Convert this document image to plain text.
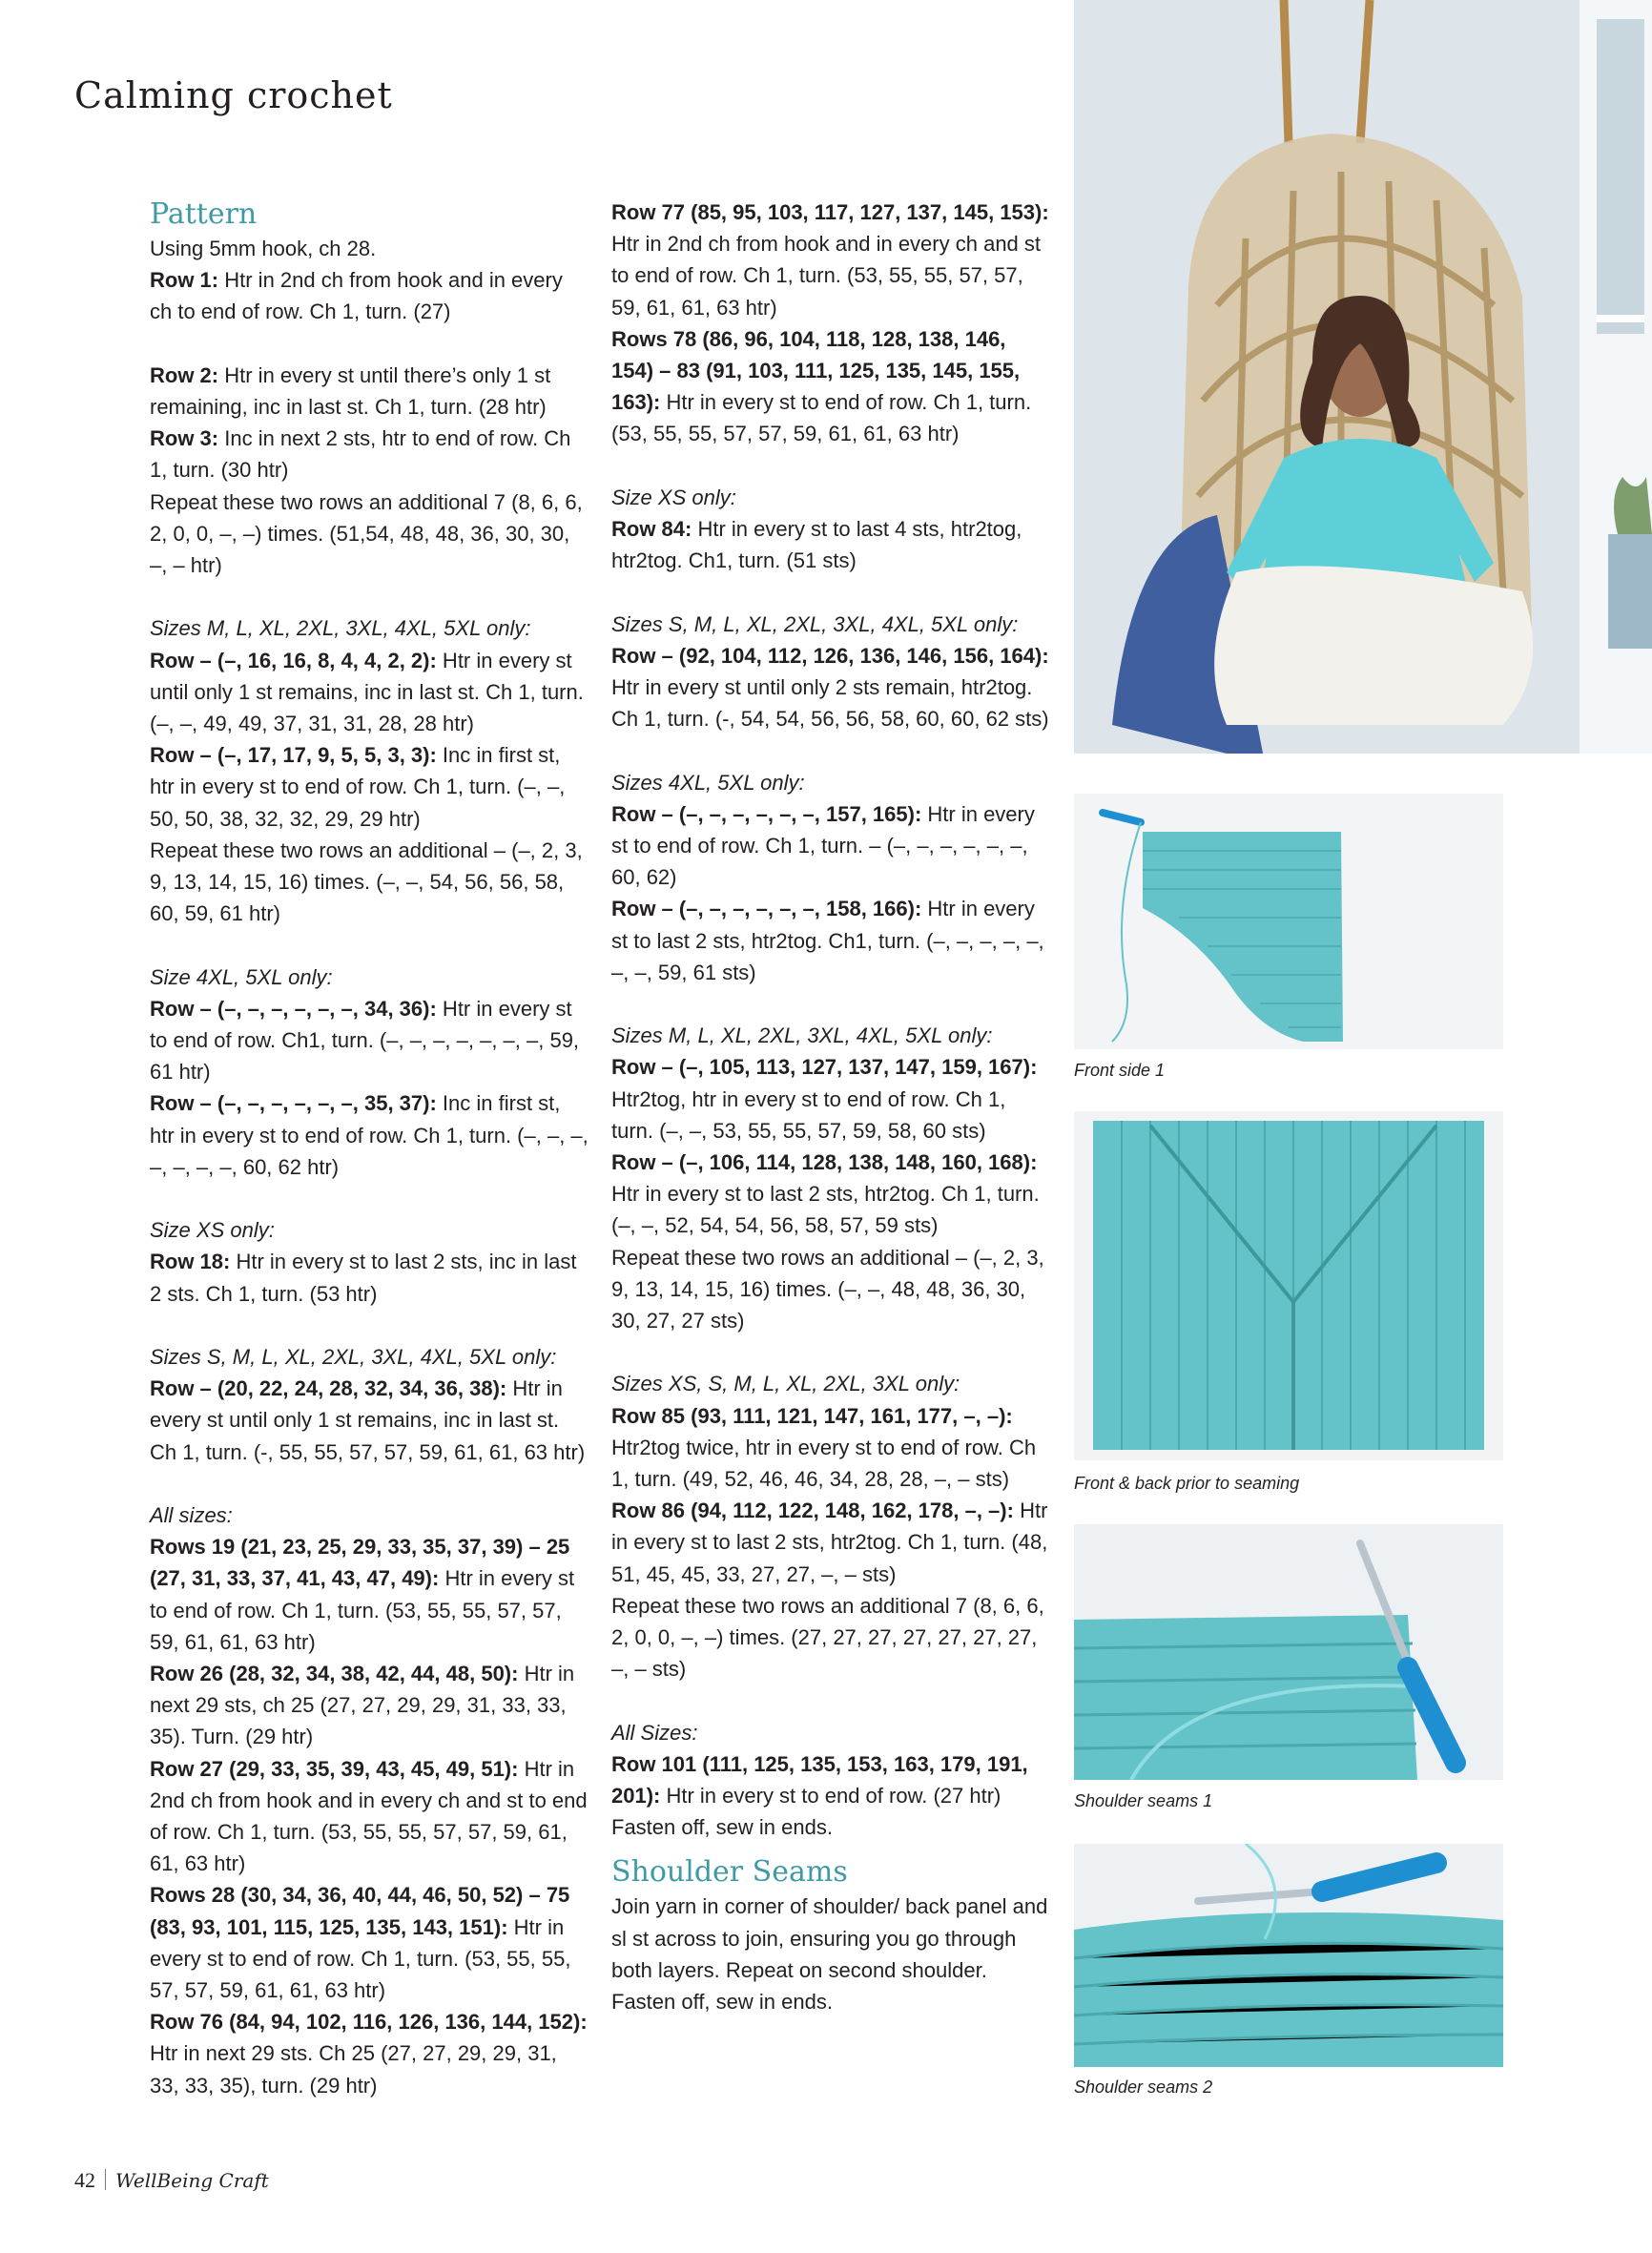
Calming crochet
Pattern

Using 5mm hook, ch 28.

Row 1: Htr in 2nd ch from hook and in every ch to end of row. Ch 1, turn. (27)

Row 2: Htr in every st until there’s only 1 st remaining, inc in last st. Ch 1, turn. (28 htr)

Row 3: Inc in next 2 sts, htr to end of row. Ch 1, turn. (30 htr)

Repeat these two rows an additional 7 (8, 6, 6, 2, 0, 0, –, –) times. (51,54, 48, 48, 36, 30, 30, –, – htr)

Sizes M, L, XL, 2XL, 3XL, 4XL, 5XL only:

Row – (–, 16, 16, 8, 4, 4, 2, 2): Htr in every st until only 1 st remains, inc in last st. Ch 1, turn. (–, –, 49, 49, 37, 31, 31, 28, 28 htr)

Row – (–, 17, 17, 9, 5, 5, 3, 3): Inc in first st, htr in every st to end of row. Ch 1, turn. (–, –, 50, 50, 38, 32, 32, 29, 29 htr)

Repeat these two rows an additional – (–, 2, 3, 9, 13, 14, 15, 16) times. (–, –, 54, 56, 56, 58, 60, 59, 61 htr)

Size 4XL, 5XL only:

Row – (–, –, –, –, –, –, 34, 36): Htr in every st to end of row. Ch1, turn. (–, –, –, –, –, –, –, 59, 61 htr)

Row – (–, –, –, –, –, –, 35, 37): Inc in first st, htr in every st to end of row. Ch 1, turn. (–, –, –, –, –, –, –, 60, 62 htr)

Size XS only:

Row 18: Htr in every st to last 2 sts, inc in last 2 sts. Ch 1, turn. (53 htr)

Sizes S, M, L, XL, 2XL, 3XL, 4XL, 5XL only:

Row – (20, 22, 24, 28, 32, 34, 36, 38): Htr in every st until only 1 st remains, inc in last st. Ch 1, turn. (-, 55, 55, 57, 57, 59, 61, 61, 63 htr)

All sizes:

Rows 19 (21, 23, 25, 29, 33, 35, 37, 39) – 25 (27, 31, 33, 37, 41, 43, 47, 49): Htr in every st to end of row. Ch 1, turn. (53, 55, 55, 57, 57, 59, 61, 61, 63 htr)

Row 26 (28, 32, 34, 38, 42, 44, 48, 50): Htr in next 29 sts, ch 25 (27, 27, 29, 29, 31, 33, 33, 35). Turn. (29 htr)

Row 27 (29, 33, 35, 39, 43, 45, 49, 51): Htr in 2nd ch from hook and in every ch and st to end of row. Ch 1, turn. (53, 55, 55, 57, 57, 59, 61, 61, 63 htr)

Rows 28 (30, 34, 36, 40, 44, 46, 50, 52) – 75 (83, 93, 101, 115, 125, 135, 143, 151): Htr in every st to end of row. Ch 1, turn. (53, 55, 55, 57, 57, 59, 61, 61, 63 htr)

Row 76 (84, 94, 102, 116, 126, 136, 144, 152): Htr in next 29 sts. Ch 25 (27, 27, 29, 29, 31, 33, 33, 35), turn. (29 htr)

Row 77 (85, 95, 103, 117, 127, 137, 145, 153): Htr in 2nd ch from hook and in every ch and st to end of row. Ch 1, turn. (53, 55, 55, 57, 57, 59, 61, 61, 63 htr)

Rows 78 (86, 96, 104, 118, 128, 138, 146, 154) – 83 (91, 103, 111, 125, 135, 145, 155, 163): Htr in every st to end of row. Ch 1, turn. (53, 55, 55, 57, 57, 59, 61, 61, 63 htr)

Size XS only:

Row 84: Htr in every st to last 4 sts, htr2tog, htr2tog. Ch1, turn. (51 sts)

Sizes S, M, L, XL, 2XL, 3XL, 4XL, 5XL only:

Row – (92, 104, 112, 126, 136, 146, 156, 164): Htr in every st until only 2 sts remain, htr2tog. Ch 1, turn. (-, 54, 54, 56, 56, 58, 60, 60, 62 sts)

Sizes 4XL, 5XL only:

Row – (–, –, –, –, –, –, 157, 165): Htr in every st to end of row. Ch 1, turn. – (–, –, –, –, –, –, 60, 62)

Row – (–, –, –, –, –, –, 158, 166): Htr in every st to last 2 sts, htr2tog. Ch1, turn. (–, –, –, –, –, –, –, 59, 61 sts)

Sizes M, L, XL, 2XL, 3XL, 4XL, 5XL only:

Row – (–, 105, 113, 127, 137, 147, 159, 167): Htr2tog, htr in every st to end of row. Ch 1, turn. (–, –, 53, 55, 55, 57, 59, 58, 60 sts)

Row – (–, 106, 114, 128, 138, 148, 160, 168): Htr in every st to last 2 sts, htr2tog. Ch 1, turn. (–, –, 52, 54, 54, 56, 58, 57, 59 sts)

Repeat these two rows an additional – (–, 2, 3, 9, 13, 14, 15, 16) times. (–, –, 48, 48, 36, 30, 30, 27, 27 sts)

Sizes XS, S, M, L, XL, 2XL, 3XL only:

Row 85 (93, 111, 121, 147, 161, 177, –, –): Htr2tog twice, htr in every st to end of row. Ch 1, turn. (49, 52, 46, 46, 34, 28, 28, –, – sts)

Row 86 (94, 112, 122, 148, 162, 178, –, –): Htr in every st to last 2 sts, htr2tog. Ch 1, turn. (48, 51, 45, 45, 33, 27, 27, –, – sts)

Repeat these two rows an additional 7 (8, 6, 6, 2, 0, 0, –, –) times. (27, 27, 27, 27, 27, 27, 27, –, – sts)

All Sizes:

Row 101 (111, 125, 135, 153, 163, 179, 191, 201): Htr in every st to end of row. (27 htr)

Fasten off, sew in ends.

Shoulder Seams

Join yarn in corner of shoulder/ back panel and sl st across to join, ensuring you go through both layers. Repeat on second shoulder.

Fasten off, sew in ends.

Front side 1
Front & back prior to seaming
Shoulder seams 1
Shoulder seams 2
42 WellBeing Craft
